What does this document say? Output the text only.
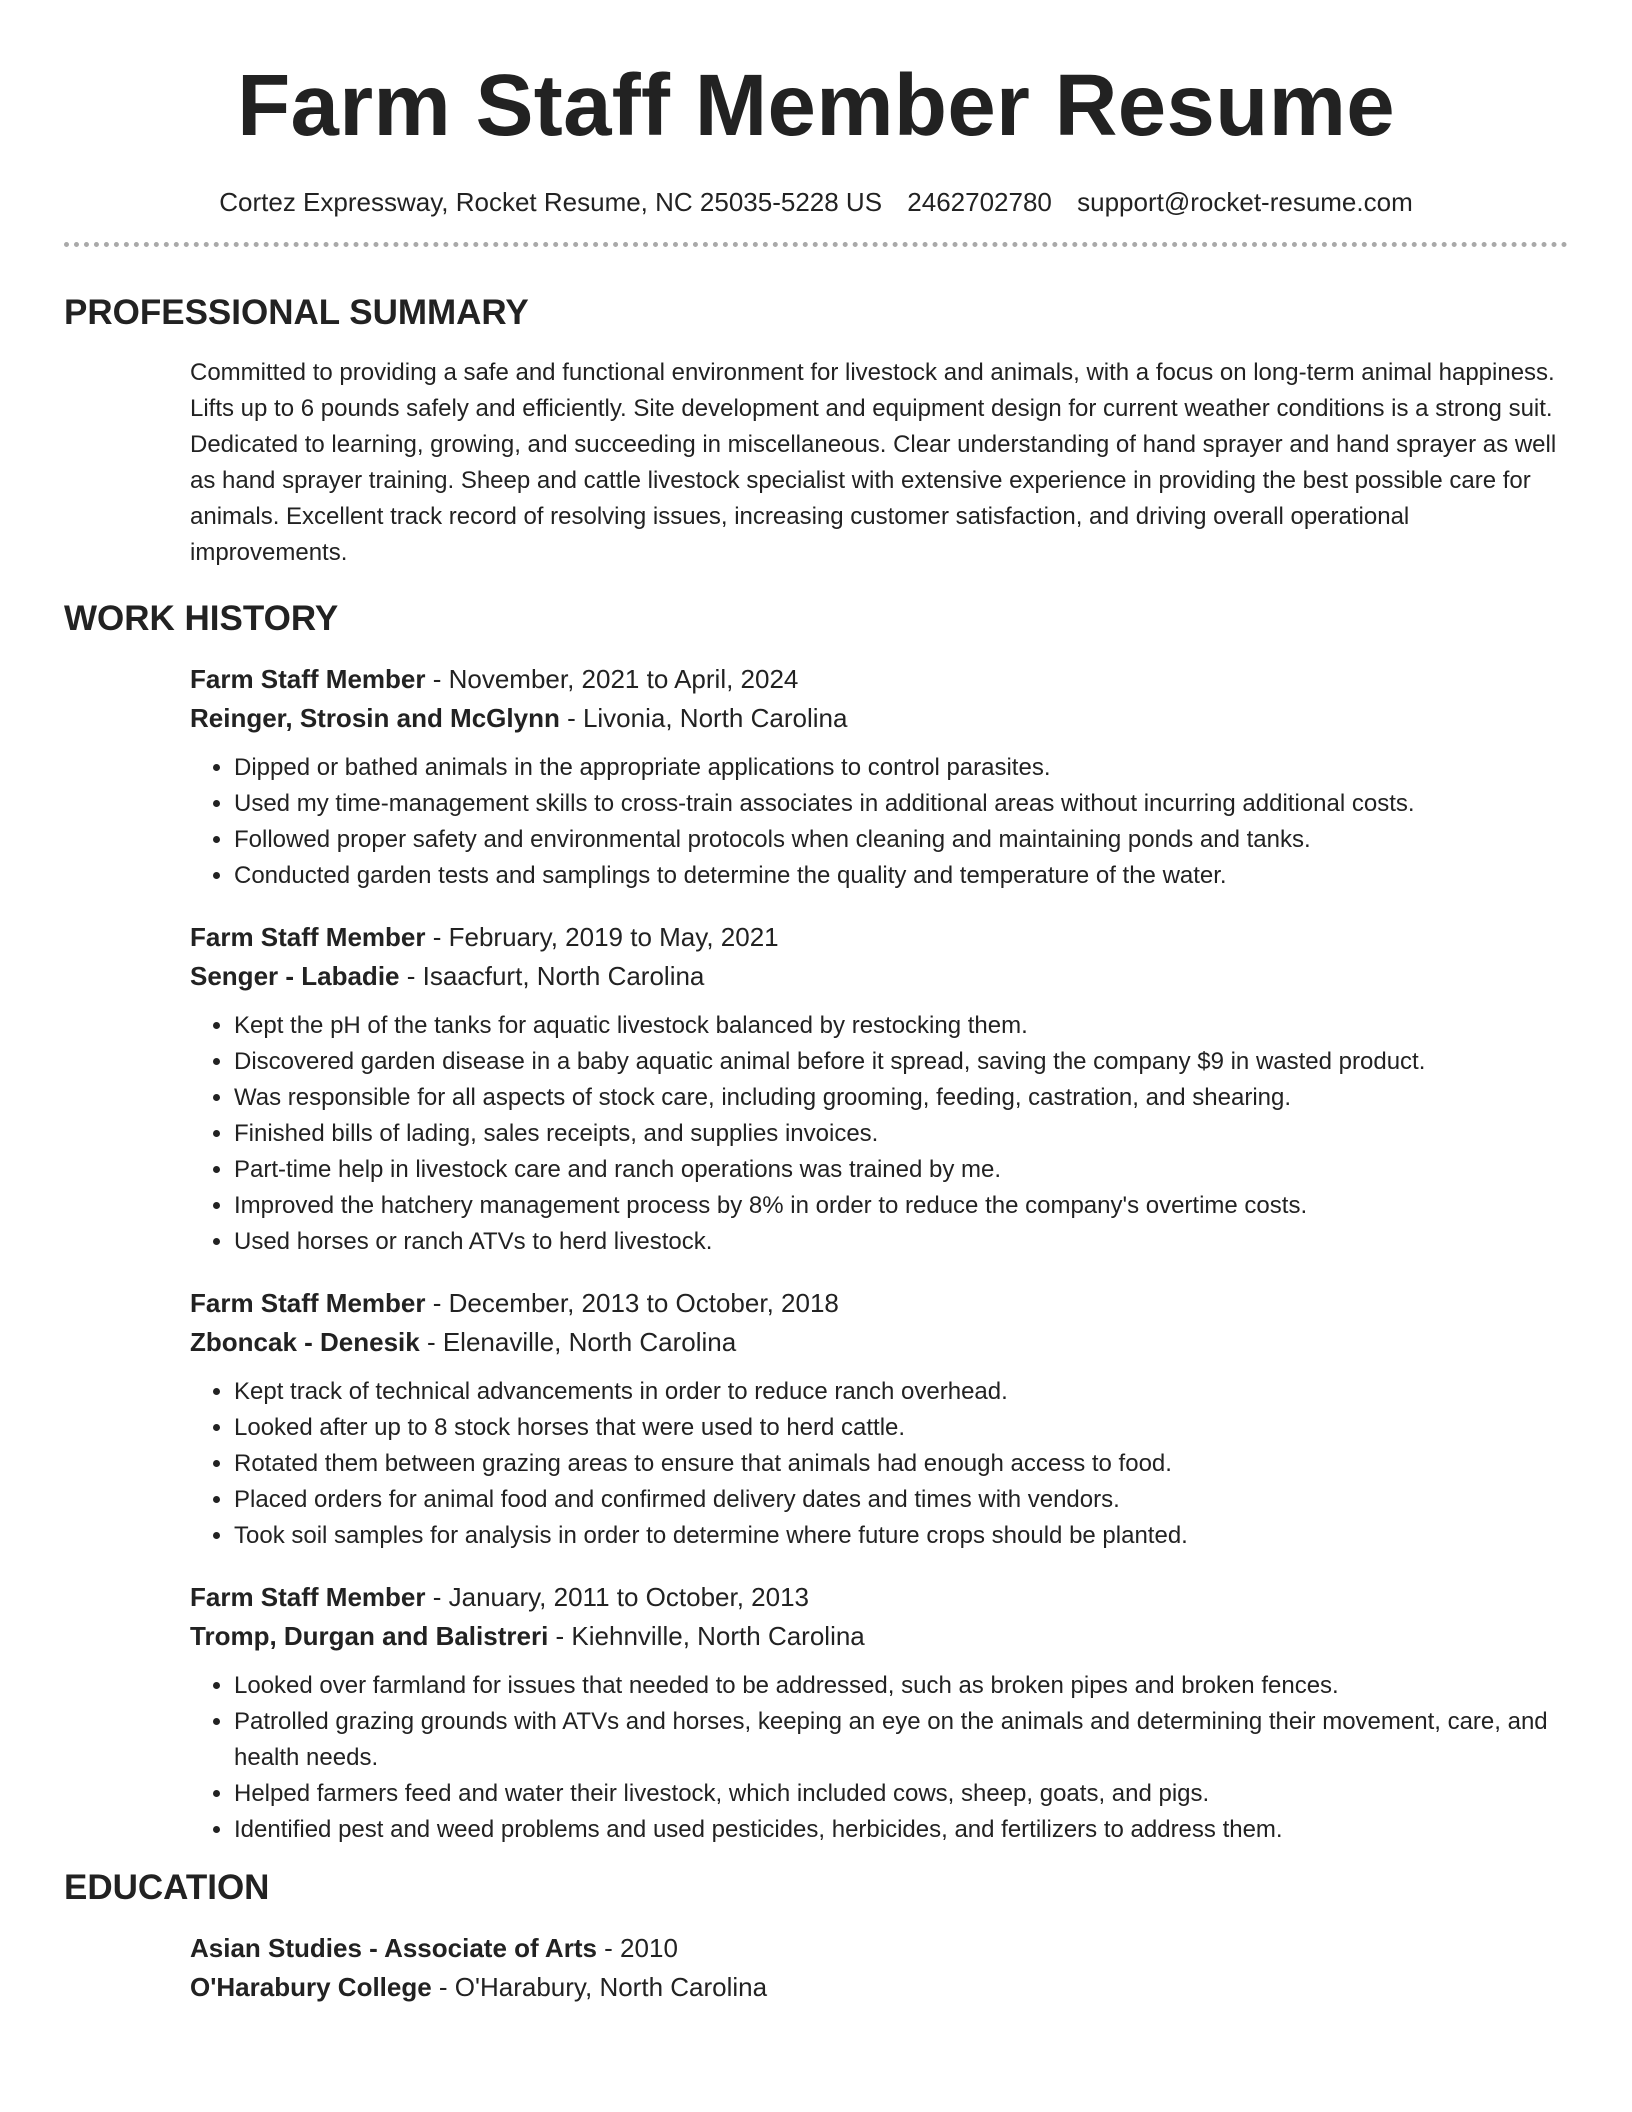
Farm Staff Member Resume
Cortez Expressway, Rocket Resume, NC 25035-5228 US 2462702780 support@rocket-resume.com
PROFESSIONAL SUMMARY
Committed to providing a safe and functional environment for livestock and animals, with a focus on long-term animal happiness. Lifts up to 6 pounds safely and efficiently. Site development and equipment design for current weather conditions is a strong suit. Dedicated to learning, growing, and succeeding in miscellaneous. Clear understanding of hand sprayer and hand sprayer as well as hand sprayer training. Sheep and cattle livestock specialist with extensive experience in providing the best possible care for animals. Excellent track record of resolving issues, increasing customer satisfaction, and driving overall operational improvements.
WORK HISTORY
Farm Staff Member - November, 2021 to April, 2024
Reinger, Strosin and McGlynn - Livonia, North Carolina
• Dipped or bathed animals in the appropriate applications to control parasites.
• Used my time-management skills to cross-train associates in additional areas without incurring additional costs.
• Followed proper safety and environmental protocols when cleaning and maintaining ponds and tanks.
• Conducted garden tests and samplings to determine the quality and temperature of the water.
Farm Staff Member - February, 2019 to May, 2021
Senger - Labadie - Isaacfurt, North Carolina
• Kept the pH of the tanks for aquatic livestock balanced by restocking them.
• Discovered garden disease in a baby aquatic animal before it spread, saving the company $9 in wasted product.
• Was responsible for all aspects of stock care, including grooming, feeding, castration, and shearing.
• Finished bills of lading, sales receipts, and supplies invoices.
• Part-time help in livestock care and ranch operations was trained by me.
• Improved the hatchery management process by 8% in order to reduce the company's overtime costs.
• Used horses or ranch ATVs to herd livestock.
Farm Staff Member - December, 2013 to October, 2018
Zboncak - Denesik - Elenaville, North Carolina
• Kept track of technical advancements in order to reduce ranch overhead.
• Looked after up to 8 stock horses that were used to herd cattle.
• Rotated them between grazing areas to ensure that animals had enough access to food.
• Placed orders for animal food and confirmed delivery dates and times with vendors.
• Took soil samples for analysis in order to determine where future crops should be planted.
Farm Staff Member - January, 2011 to October, 2013
Tromp, Durgan and Balistreri - Kiehnville, North Carolina
• Looked over farmland for issues that needed to be addressed, such as broken pipes and broken fences.
• Patrolled grazing grounds with ATVs and horses, keeping an eye on the animals and determining their movement, care, and health needs.
• Helped farmers feed and water their livestock, which included cows, sheep, goats, and pigs.
• Identified pest and weed problems and used pesticides, herbicides, and fertilizers to address them.
EDUCATION
Asian Studies - Associate of Arts - 2010
O'Harabury College - O'Harabury, North Carolina
